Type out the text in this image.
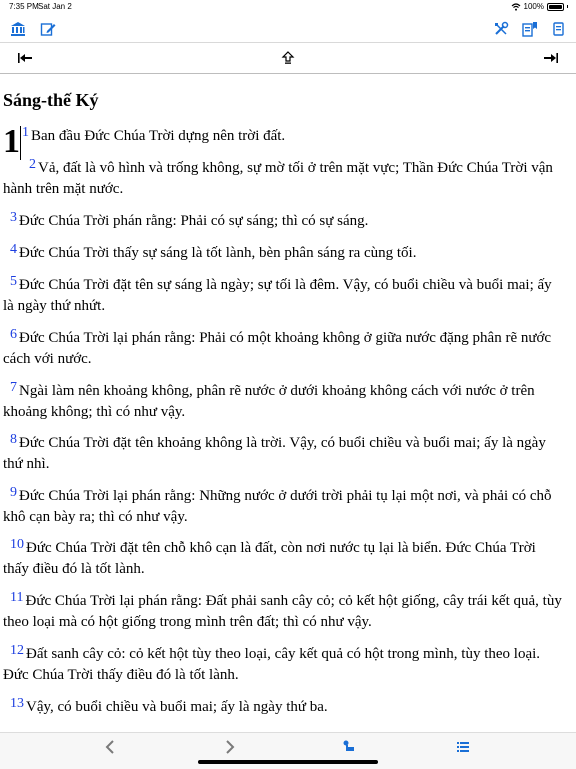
7:35 PM Sat Jan 2	100%
Sáng-thế Ký
1 1 Ban đầu Đức Chúa Trời dựng nên trời đất.

2 Vả, đất là vô hình và trống không, sự mờ tối ở trên mặt vực; Thần Đức Chúa Trời vận hành trên mặt nước.

3 Đức Chúa Trời phán rằng: Phải có sự sáng; thì có sự sáng.

4 Đức Chúa Trời thấy sự sáng là tốt lành, bèn phân sáng ra cùng tối.

5 Đức Chúa Trời đặt tên sự sáng là ngày; sự tối là đêm. Vậy, có buổi chiều và buổi mai; ấy là ngày thứ nhứt.

6 Đức Chúa Trời lại phán rằng: Phải có một khoảng không ở giữa nước đặng phân rẽ nước cách với nước.

7 Ngài làm nên khoảng không, phân rẽ nước ở dưới khoảng không cách với nước ở trên khoảng không; thì có như vậy.

8 Đức Chúa Trời đặt tên khoảng không là trời. Vậy, có buổi chiều và buổi mai; ấy là ngày thứ nhì.

9 Đức Chúa Trời lại phán rằng: Những nước ở dưới trời phải tụ lại một nơi, và phải có chỗ khô cạn bày ra; thì có như vậy.

10 Đức Chúa Trời đặt tên chỗ khô cạn là đất, còn nơi nước tụ lại là biển. Đức Chúa Trời thấy điều đó là tốt lành.

11 Đức Chúa Trời lại phán rằng: Đất phải sanh cây cỏ; cỏ kết hột giống, cây trái kết quả, tùy theo loại mà có hột giống trong mình trên đất; thì có như vậy.

12 Đất sanh cây cỏ: cỏ kết hột tùy theo loại, cây kết quả có hột trong mình, tùy theo loại. Đức Chúa Trời thấy điều đó là tốt lành.

13 Vậy, có buổi chiều và buổi mai; ấy là ngày thứ ba.
